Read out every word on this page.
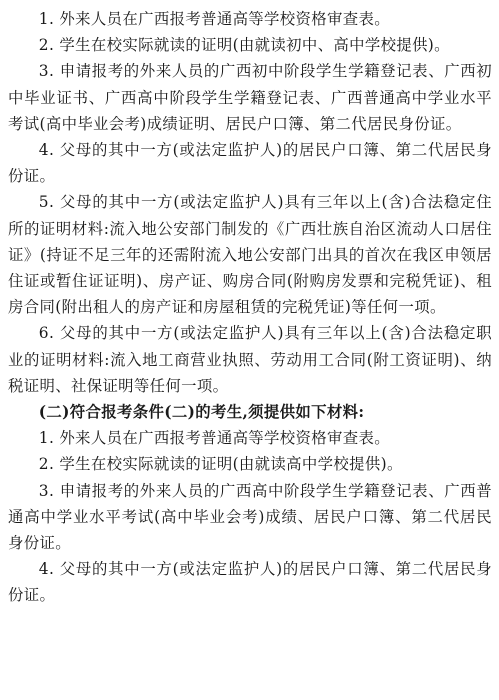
1. 外来人员在广西报考普通高等学校资格审查表。

2. 学生在校实际就读的证明(由就读初中、高中学校提供)。

3. 申请报考的外来人员的广西初中阶段学生学籍登记表、广西初中毕业证书、广西高中阶段学生学籍登记表、广西普通高中学业水平考试(高中毕业会考)成绩证明、居民户口簿、第二代居民身份证。

4. 父母的其中一方(或法定监护人)的居民户口簿、第二代居民身份证。

5. 父母的其中一方(或法定监护人)具有三年以上(含)合法稳定住所的证明材料:流入地公安部门制发的《广西壮族自治区流动人口居住证》(持证不足三年的还需附流入地公安部门出具的首次在我区申领居住证或暂住证证明)、房产证、购房合同(附购房发票和完税凭证)、租房合同(附出租人的房产证和房屋租赁的完税凭证)等任何一项。

6. 父母的其中一方(或法定监护人)具有三年以上(含)合法稳定职业的证明材料:流入地工商营业执照、劳动用工合同(附工资证明)、纳税证明、社保证明等任何一项。

(二)符合报考条件(二)的考生,须提供如下材料:

1. 外来人员在广西报考普通高等学校资格审查表。

2. 学生在校实际就读的证明(由就读高中学校提供)。

3. 申请报考的外来人员的广西高中阶段学生学籍登记表、广西普通高中学业水平考试(高中毕业会考)成绩、居民户口簿、第二代居民身份证。

4. 父母的其中一方(或法定监护人)的居民户口簿、第二代居民身份证。
